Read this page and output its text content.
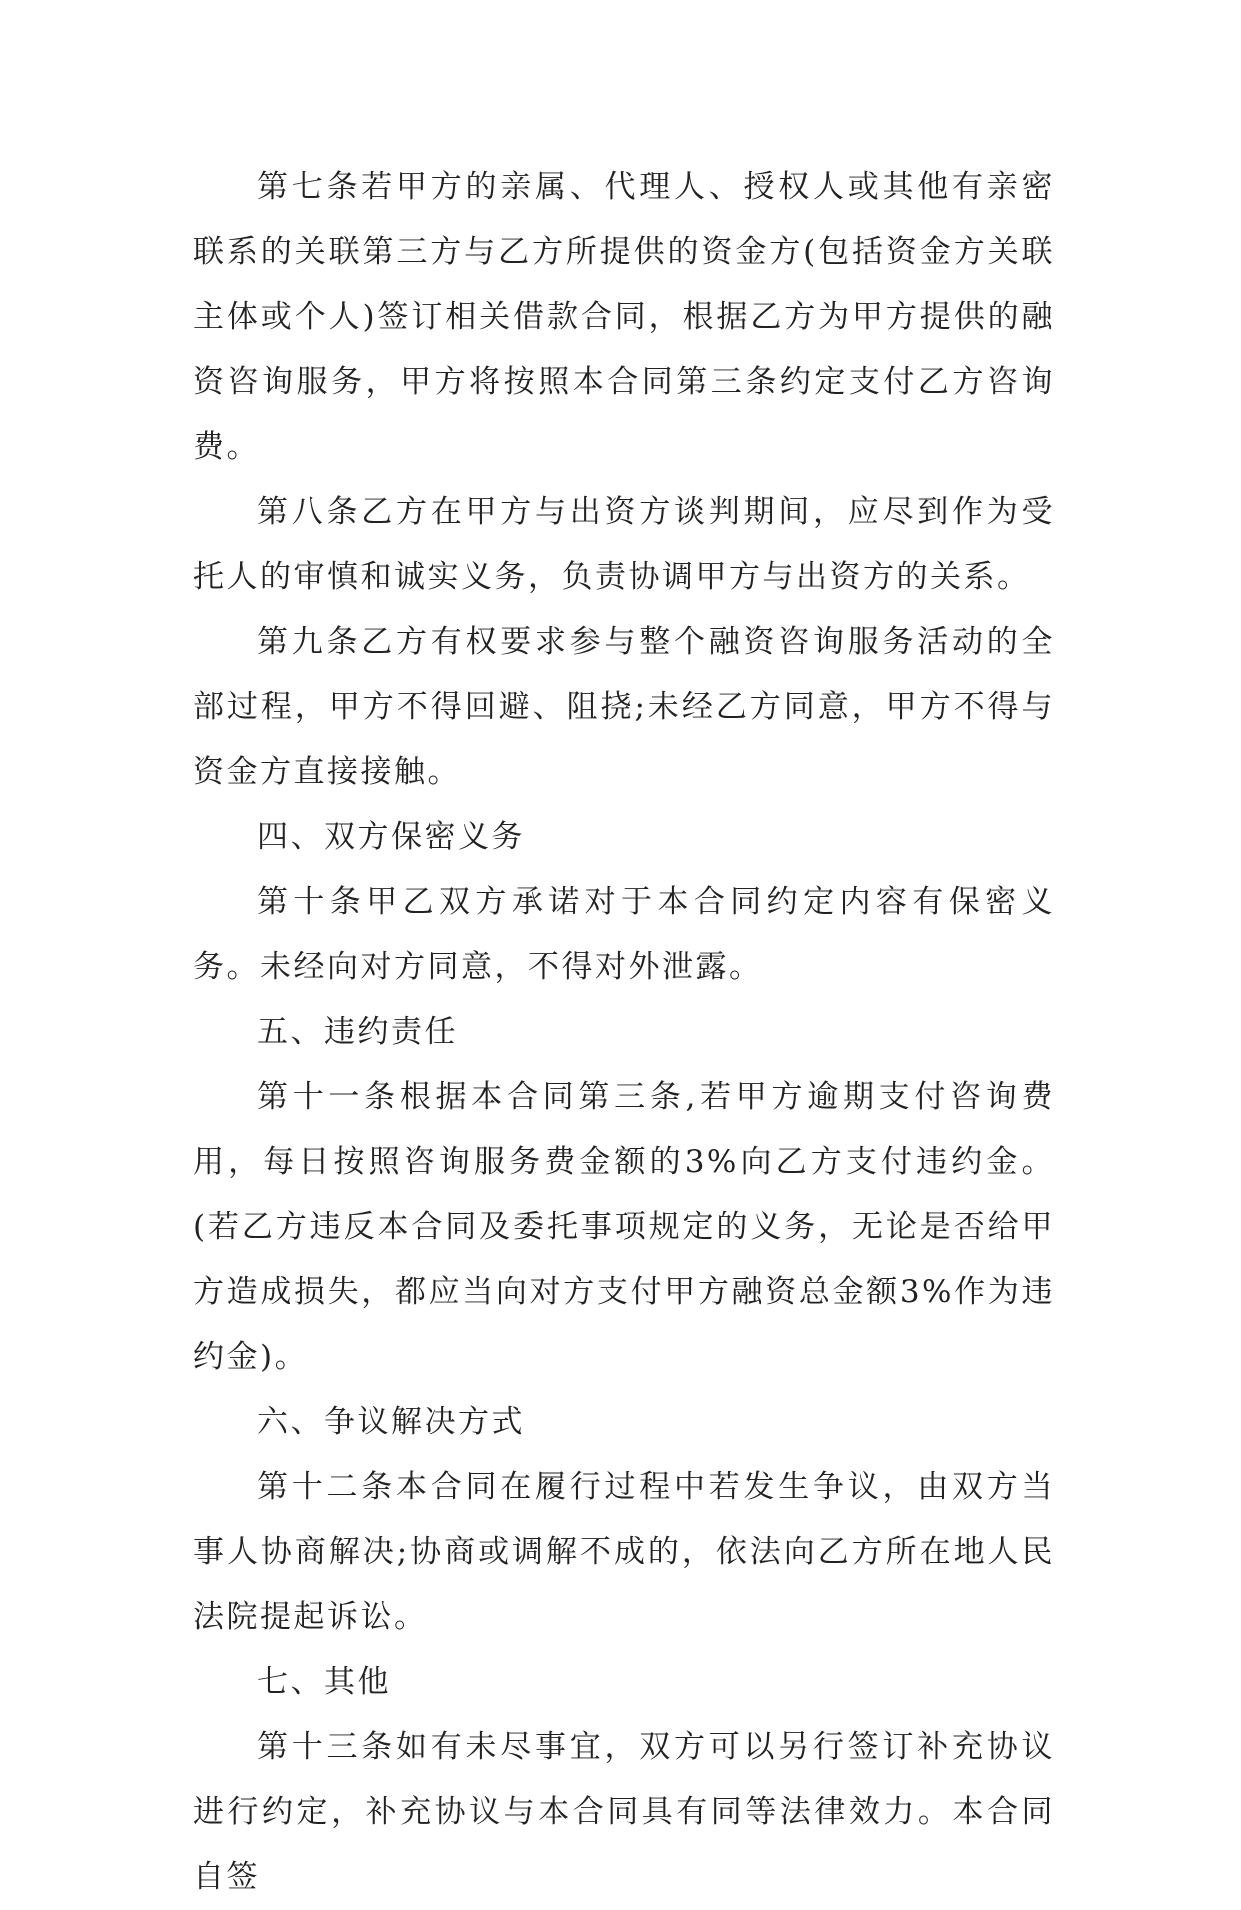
第七条若甲方的亲属、代理人、授权人或其他有亲密联系的关联第三方与乙方所提供的资金方(包括资金方关联主体或个人)签订相关借款合同，根据乙方为甲方提供的融资咨询服务，甲方将按照本合同第三条约定支付乙方咨询费。

第八条乙方在甲方与出资方谈判期间，应尽到作为受托人的审慎和诚实义务，负责协调甲方与出资方的关系。

第九条乙方有权要求参与整个融资咨询服务活动的全部过程，甲方不得回避、阻挠;未经乙方同意，甲方不得与资金方直接接触。

四、双方保密义务

第十条甲乙双方承诺对于本合同约定内容有保密义务。未经向对方同意，不得对外泄露。

五、违约责任

第十一条根据本合同第三条,若甲方逾期支付咨询费用，每日按照咨询服务费金额的3%向乙方支付违约金。(若乙方违反本合同及委托事项规定的义务，无论是否给甲方造成损失，都应当向对方支付甲方融资总金额3%作为违约金)。

六、争议解决方式

第十二条本合同在履行过程中若发生争议，由双方当事人协商解决;协商或调解不成的，依法向乙方所在地人民法院提起诉讼。

七、其他

第十三条如有未尽事宜，双方可以另行签订补充协议进行约定，补充协议与本合同具有同等法律效力。本合同自签
